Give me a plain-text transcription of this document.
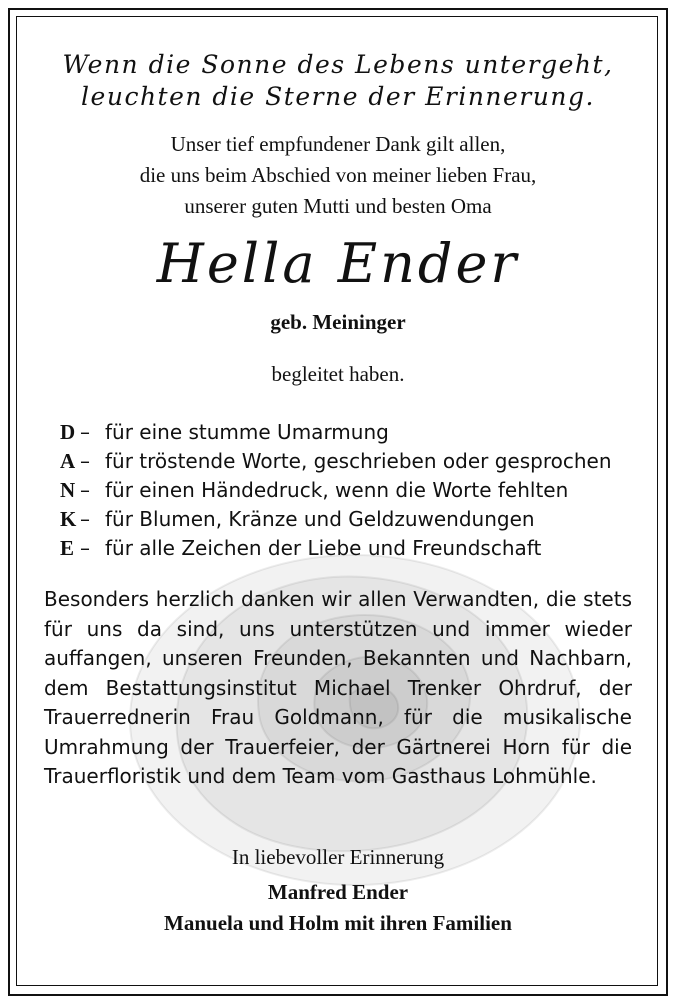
Wenn die Sonne des Lebens untergeht,
leuchten die Sterne der Erinnerung.
Unser tief empfundener Dank gilt allen,
die uns beim Abschied von meiner lieben Frau,
unserer guten Mutti und besten Oma
Hella Ender
geb. Meininger
begleitet haben.
D – für eine stumme Umarmung
A – für tröstende Worte, geschrieben oder gesprochen
N – für einen Händedruck, wenn die Worte fehlten
K – für Blumen, Kränze und Geldzuwendungen
E – für alle Zeichen der Liebe und Freundschaft
Besonders herzlich danken wir allen Verwandten, die stets für uns da sind, uns unterstützen und immer wieder auffangen, unseren Freunden, Bekannten und Nachbarn, dem Bestattungsinstitut Michael Trenker Ohrdruf, der Trauerrednerin Frau Goldmann, für die musikalische Umrahmung der Trauerfeier, der Gärtnerei Horn für die Trauerfloristik und dem Team vom Gasthaus Lohmühle.
In liebevoller Erinnerung
Manfred Ender
Manuela und Holm mit ihren Familien
